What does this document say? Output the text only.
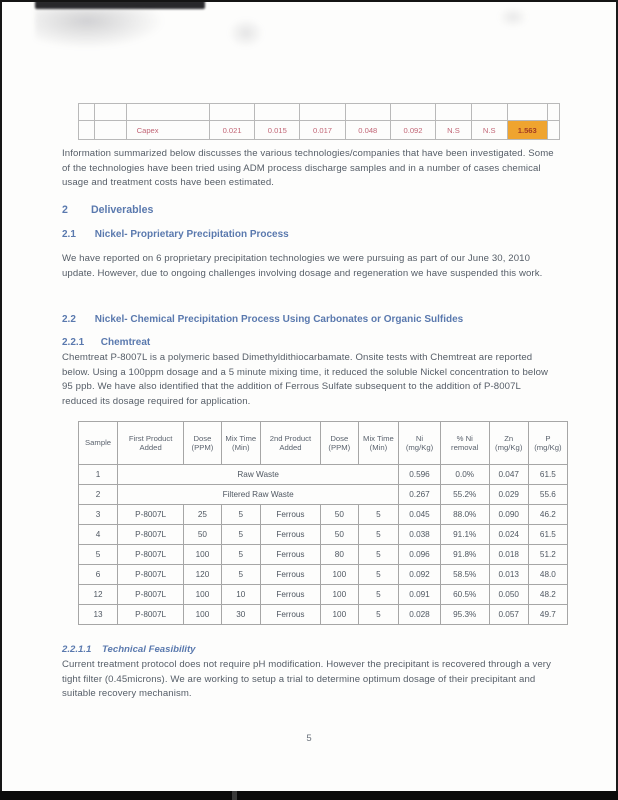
		Capex	0.021	0.015	0.017	0.048	0.092	N.S	N.S	1.563	
Information summarized below discusses the various technologies/companies that have been investigated. Some of the technologies have been tried using ADM process discharge samples and in a number of cases chemical usage and treatment costs have been estimated.
2 Deliverables
2.1 Nickel- Proprietary Precipitation Process
We have reported on 6 proprietary precipitation technologies we were pursuing as part of our June 30, 2010 update. However, due to ongoing challenges involving dosage and regeneration we have suspended this work.
2.2 Nickel- Chemical Precipitation Process Using Carbonates or Organic Sulfides
2.2.1 Chemtreat
Chemtreat P-8007L is a polymeric based Dimethyldithiocarbamate. Onsite tests with Chemtreat are reported below. Using a 100ppm dosage and a 5 minute mixing time, it reduced the soluble Nickel concentration to below 95 ppb. We have also identified that the addition of Ferrous Sulfate subsequent to the addition of P-8007L reduced its dosage required for application.
Sample	First Product Added	Dose (PPM)	Mix Time (Min)	2nd Product Added	Dose (PPM)	Mix Time (Min)	Ni (mg/Kg)	% Ni removal	Zn (mg/Kg)	P (mg/Kg)
1	Raw Waste						0.596	0.0%	0.047	61.5
2	Filtered Raw Waste						0.267	55.2%	0.029	55.6
3	P-8007L	25	5	Ferrous	50	5	0.045	88.0%	0.090	46.2
4	P-8007L	50	5	Ferrous	50	5	0.038	91.1%	0.024	61.5
5	P-8007L	100	5	Ferrous	80	5	0.096	91.8%	0.018	51.2
6	P-8007L	120	5	Ferrous	100	5	0.092	58.5%	0.013	48.0
12	P-8007L	100	10	Ferrous	100	5	0.091	60.5%	0.050	48.2
13	P-8007L	100	30	Ferrous	100	5	0.028	95.3%	0.057	49.7
2.2.1.1 Technical Feasibility
Current treatment protocol does not require pH modification. However the precipitant is recovered through a very tight filter (0.45microns). We are working to setup a trial to determine optimum dosage of their precipitant and suitable recovery mechanism.
5
